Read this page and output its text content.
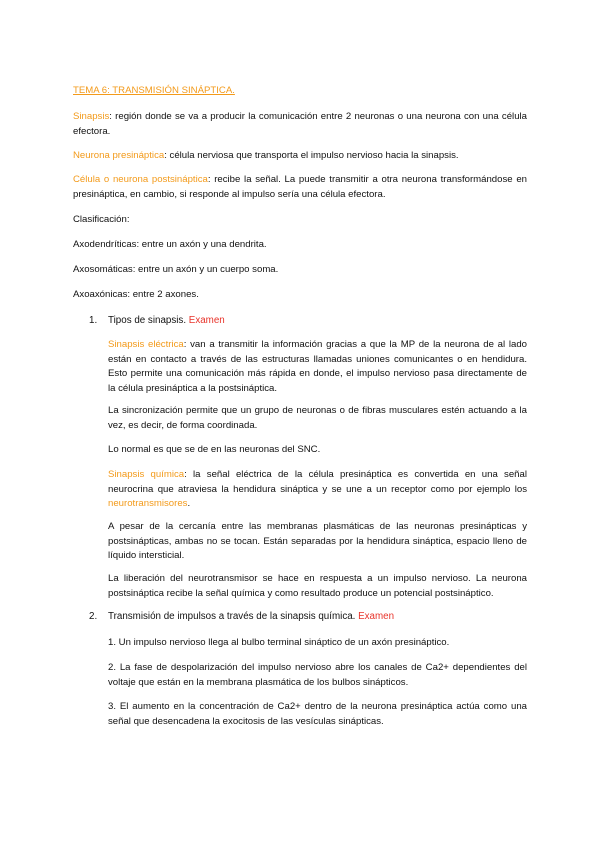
TEMA 6: TRANSMISIÓN SINÁPTICA.

Sinapsis: región donde se va a producir la comunicación entre 2 neuronas o una neurona con una célula efectora.

Neurona presináptica: célula nerviosa que transporta el impulso nervioso hacia la sinapsis.

Célula o neurona postsináptica: recibe la señal. La puede transmitir a otra neurona transformándose en presináptica, en cambio, si responde al impulso sería una célula efectora.

Clasificación:

Axodendríticas: entre un axón y una dendrita.

Axosomáticas: entre un axón y un cuerpo soma.

Axoaxónicas: entre 2 axones.

1. Tipos de sinapsis. Examen

Sinapsis eléctrica: van a transmitir la información gracias a que la MP de la neurona de al lado están en contacto a través de las estructuras llamadas uniones comunicantes o en hendidura. Esto permite una comunicación más rápida en donde, el impulso nervioso pasa directamente de la célula presináptica a la postsináptica.

La sincronización permite que un grupo de neuronas o de fibras musculares estén actuando a la vez, es decir, de forma coordinada.

Lo normal es que se de en las neuronas del SNC.

Sinapsis química: la señal eléctrica de la célula presináptica es convertida en una señal neurocrina que atraviesa la hendidura sináptica y se une a un receptor como por ejemplo los neurotransmisores.

A pesar de la cercanía entre las membranas plasmáticas de las neuronas presinápticas y postsinápticas, ambas no se tocan. Están separadas por la hendidura sináptica, espacio lleno de líquido intersticial.

La liberación del neurotransmisor se hace en respuesta a un impulso nervioso. La neurona postsináptica recibe la señal química y como resultado produce un potencial postsináptico.

2. Transmisión de impulsos a través de la sinapsis química. Examen

1. Un impulso nervioso llega al bulbo terminal sináptico de un axón presináptico.

2. La fase de despolarización del impulso nervioso abre los canales de Ca2+ dependientes del voltaje que están en la membrana plasmática de los bulbos sinápticos.

3. El aumento en la concentración de Ca2+ dentro de la neurona presináptica actúa como una señal que desencadena la exocitosis de las vesículas sinápticas.
